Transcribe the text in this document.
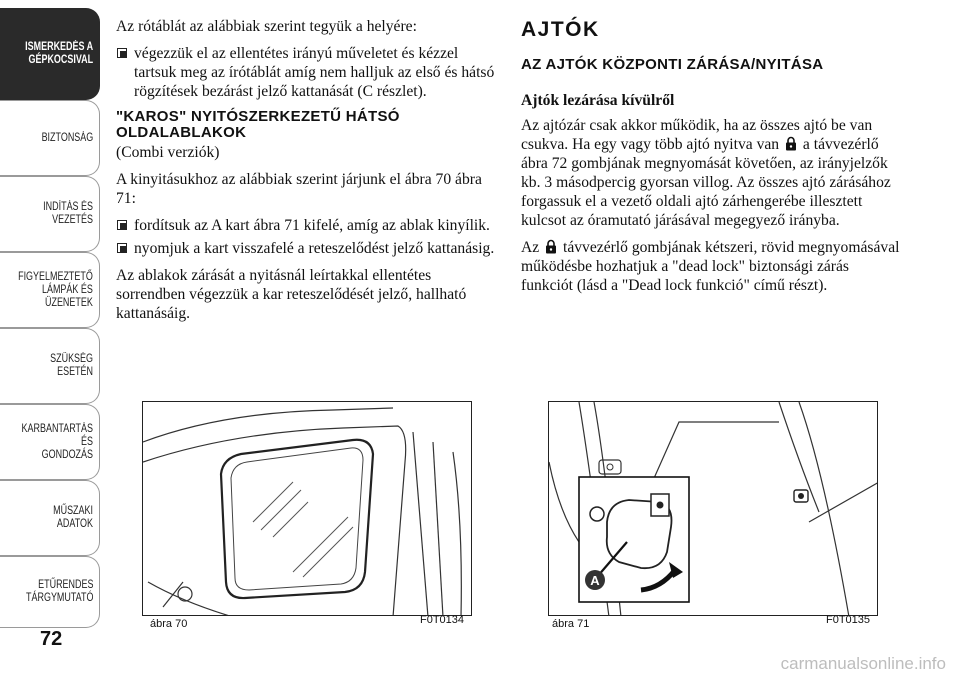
ISMERKEDÉS A
GÉPKOCSIVAL
BIZTONSÁG
INDÍTÁS ÉS VEZETÉS
FIGYELMEZTETŐ
LÁMPÁK ÉS
ÜZENETEK
SZÜKSÉG ESETÉN
KARBANTARTÁS ÉS
GONDOZÁS
MŰSZAKI ADATOK
ETŰRENDES
TÁRGYMUTATÓ
72

Az rótáblát az alábbiak szerint tegyük a helyére:

végezzük el az ellentétes irányú műveletet és kézzel tartsuk meg az írótáblát amíg nem halljuk az első és hátsó rögzítések bezárást jelző kattanását (C részlet).
"KAROS" NYITÓSZERKEZETŰ HÁTSÓ OLDALABLAKOK

(Combi verziók)

A kinyitásukhoz az alábbiak szerint járjunk el ábra 70 ábra 71:

fordítsuk az A kart ábra 71 kifelé, amíg az ablak kinyílik.
nyomjuk a kart visszafelé a reteszelődést jelző kattanásig.

Az ablakok zárását a nyitásnál leírtakkal ellentétes sorrendben végezzük a kar reteszelődését jelző, hallható kattanásáig.

AJTÓK
AZ AJTÓK KÖZPONTI ZÁRÁSA/NYITÁSA
Ajtók lezárása kívülről

Az ajtózár csak akkor működik, ha az összes ajtó be van csukva. Ha egy vagy több ajtó nyitva van a távvezérlő ábra 72 gombjának megnyomását követően, az irányjelzők kb. 3 másodpercig gyorsan villog. Az összes ajtó zárásához forgassuk el a vezető oldali ajtó zárhengerébe illesztett kulcsot az óramutató járásával megegyező irányba.

Az távvezérlő gombjának kétszeri, rövid megnyomásával működésbe hozhatjuk a "dead lock" biztonsági zárás funkciót (lásd a "Dead lock funkció" című részt).

ábra 70	F0T0134
A
ábra 71	F0T0135
carmanualsonline.info
